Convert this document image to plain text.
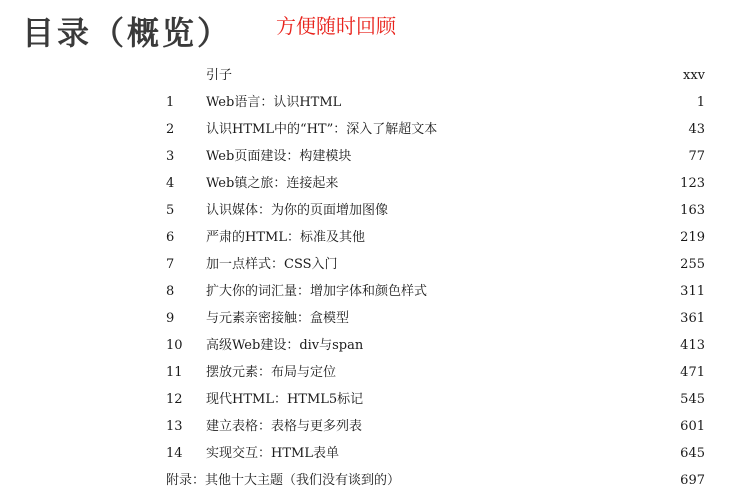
目录（概览） 方便随时回顾
引子	xxv
1	Web语言：认识HTML	1
2	认识HTML中的“HT”：深入了解超文本	43
3	Web页面建设：构建模块	77
4	Web镇之旅：连接起来	123
5	认识媒体：为你的页面增加图像	163
6	严肃的HTML：标准及其他	219
7	加一点样式：CSS入门	255
8	扩大你的词汇量：增加字体和颜色样式	311
9	与元素亲密接触：盒模型	361
10	高级Web建设：div与span	413
11	摆放元素：布局与定位	471
12	现代HTML：HTML5标记	545
13	建立表格：表格与更多列表	601
14	实现交互：HTML表单	645
附录：其他十大主题（我们没有谈到的）	697
